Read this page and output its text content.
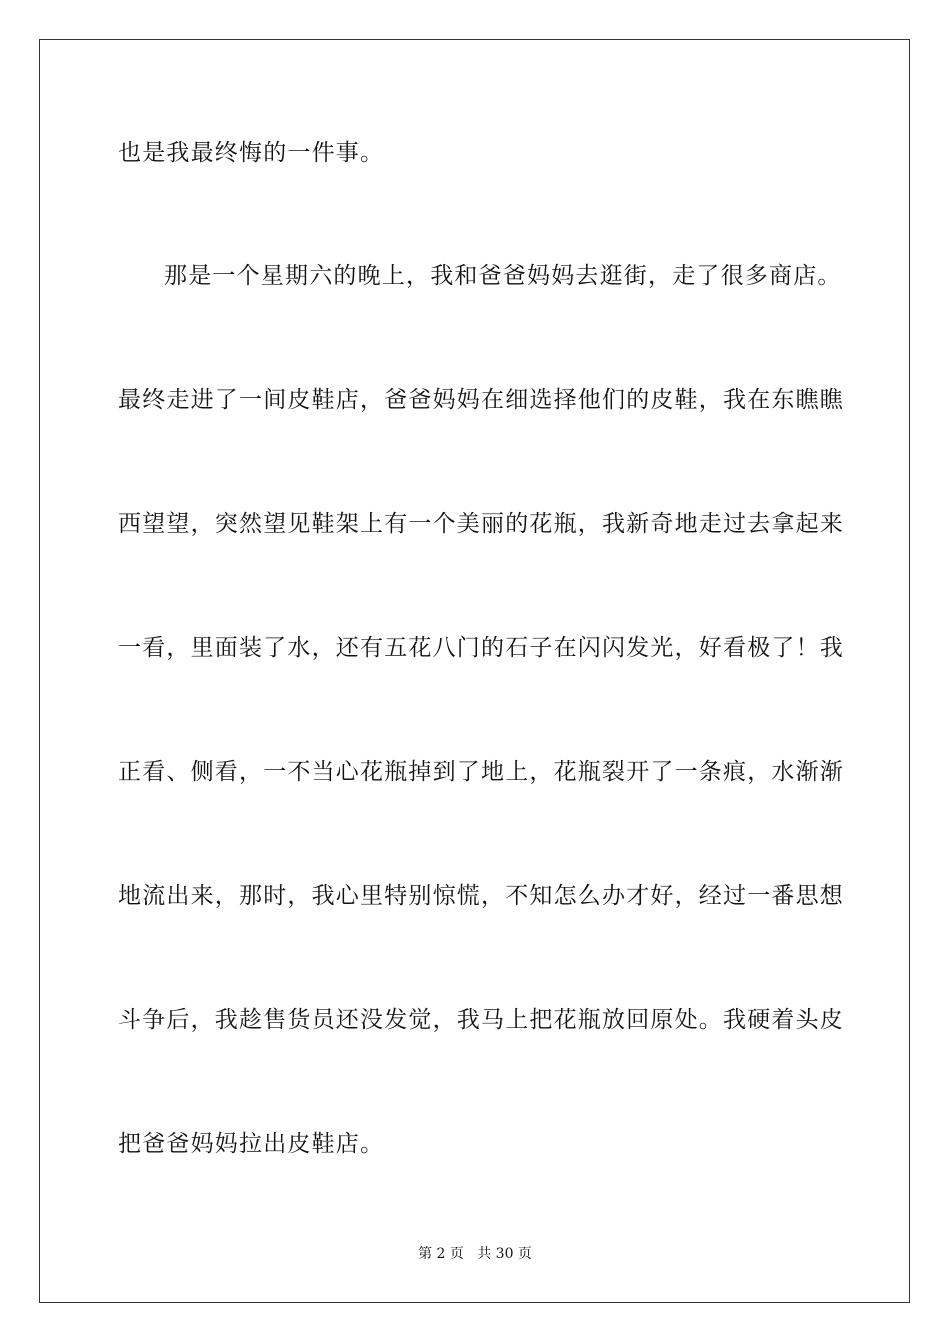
也是我最终悔的一件事。
那是一个星期六的晚上，我和爸爸妈妈去逛街，走了很多商店。
最终走进了一间皮鞋店，爸爸妈妈在细选择他们的皮鞋，我在东瞧瞧
西望望，突然望见鞋架上有一个美丽的花瓶，我新奇地走过去拿起来
一看，里面装了水，还有五花八门的石子在闪闪发光，好看极了！我
正看、侧看，一不当心花瓶掉到了地上，花瓶裂开了一条痕，水渐渐
地流出来，那时，我心里特别惊慌，不知怎么办才好，经过一番思想
斗争后，我趁售货员还没发觉，我马上把花瓶放回原处。我硬着头皮
把爸爸妈妈拉出皮鞋店。
第 2 页   共 30 页
